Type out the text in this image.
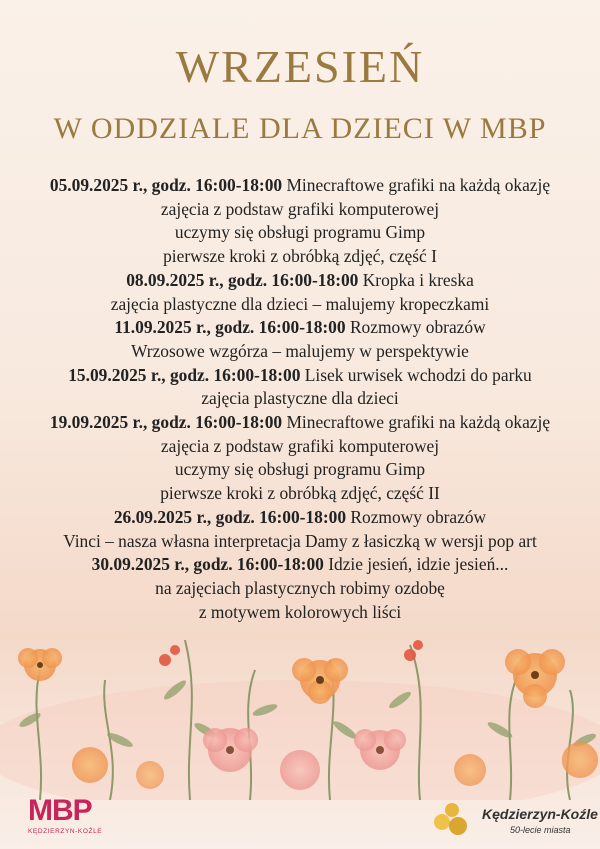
WRZESIEŃ
W ODDZIALE DLA DZIECI W MBP
05.09.2025 r., godz. 16:00-18:00 Minecraftowe grafiki na każdą okazję
zajęcia z podstaw grafiki komputerowej
uczymy się obsługi programu Gimp
pierwsze kroki z obróbką zdjęć, część I
08.09.2025 r., godz. 16:00-18:00 Kropka i kreska
zajęcia plastyczne dla dzieci – malujemy kropeczkami
11.09.2025 r., godz. 16:00-18:00 Rozmowy obrazów
Wrzosowe wzgórza – malujemy w perspektywie
15.09.2025 r., godz. 16:00-18:00 Lisek urwisek wchodzi do parku
zajęcia plastyczne dla dzieci
19.09.2025 r., godz. 16:00-18:00 Minecraftowe grafiki na każdą okazję
zajęcia z podstaw grafiki komputerowej
uczymy się obsługi programu Gimp
pierwsze kroki z obróbką zdjęć, część II
26.09.2025 r., godz. 16:00-18:00 Rozmowy obrazów
Vinci – nasza własna interpretacja Damy z łasiczką w wersji pop art
30.09.2025 r., godz. 16:00-18:00 Idzie jesień, idzie jesień...
na zajęciach plastycznych robimy ozdobę
z motywem kolorowych liści
MBP
KĘDZIERZYN-KOŹLE
Kędzierzyn-Koźle
50-lecie miasta
